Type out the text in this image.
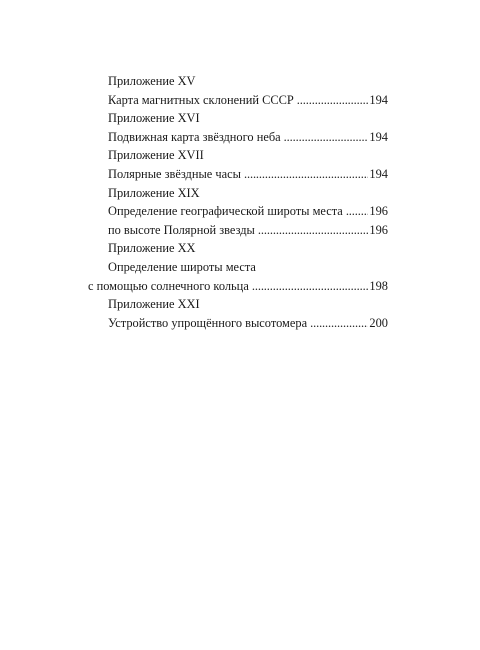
Приложение XV
Карта магнитных склонений СССР . . .	194
Приложение XVI
Подвижная карта звёздного неба . . .	194
Приложение XVII
Полярные звёздные часы . . .	194
Приложение XIX
Определение географической широты места . . . 196
по высоте Полярной звезды . . .	196
Приложение XX
Определение широты места
с помощью солнечного кольца . . .	198
Приложение XXI
Устройство упрощённого высотомера . . .	200
